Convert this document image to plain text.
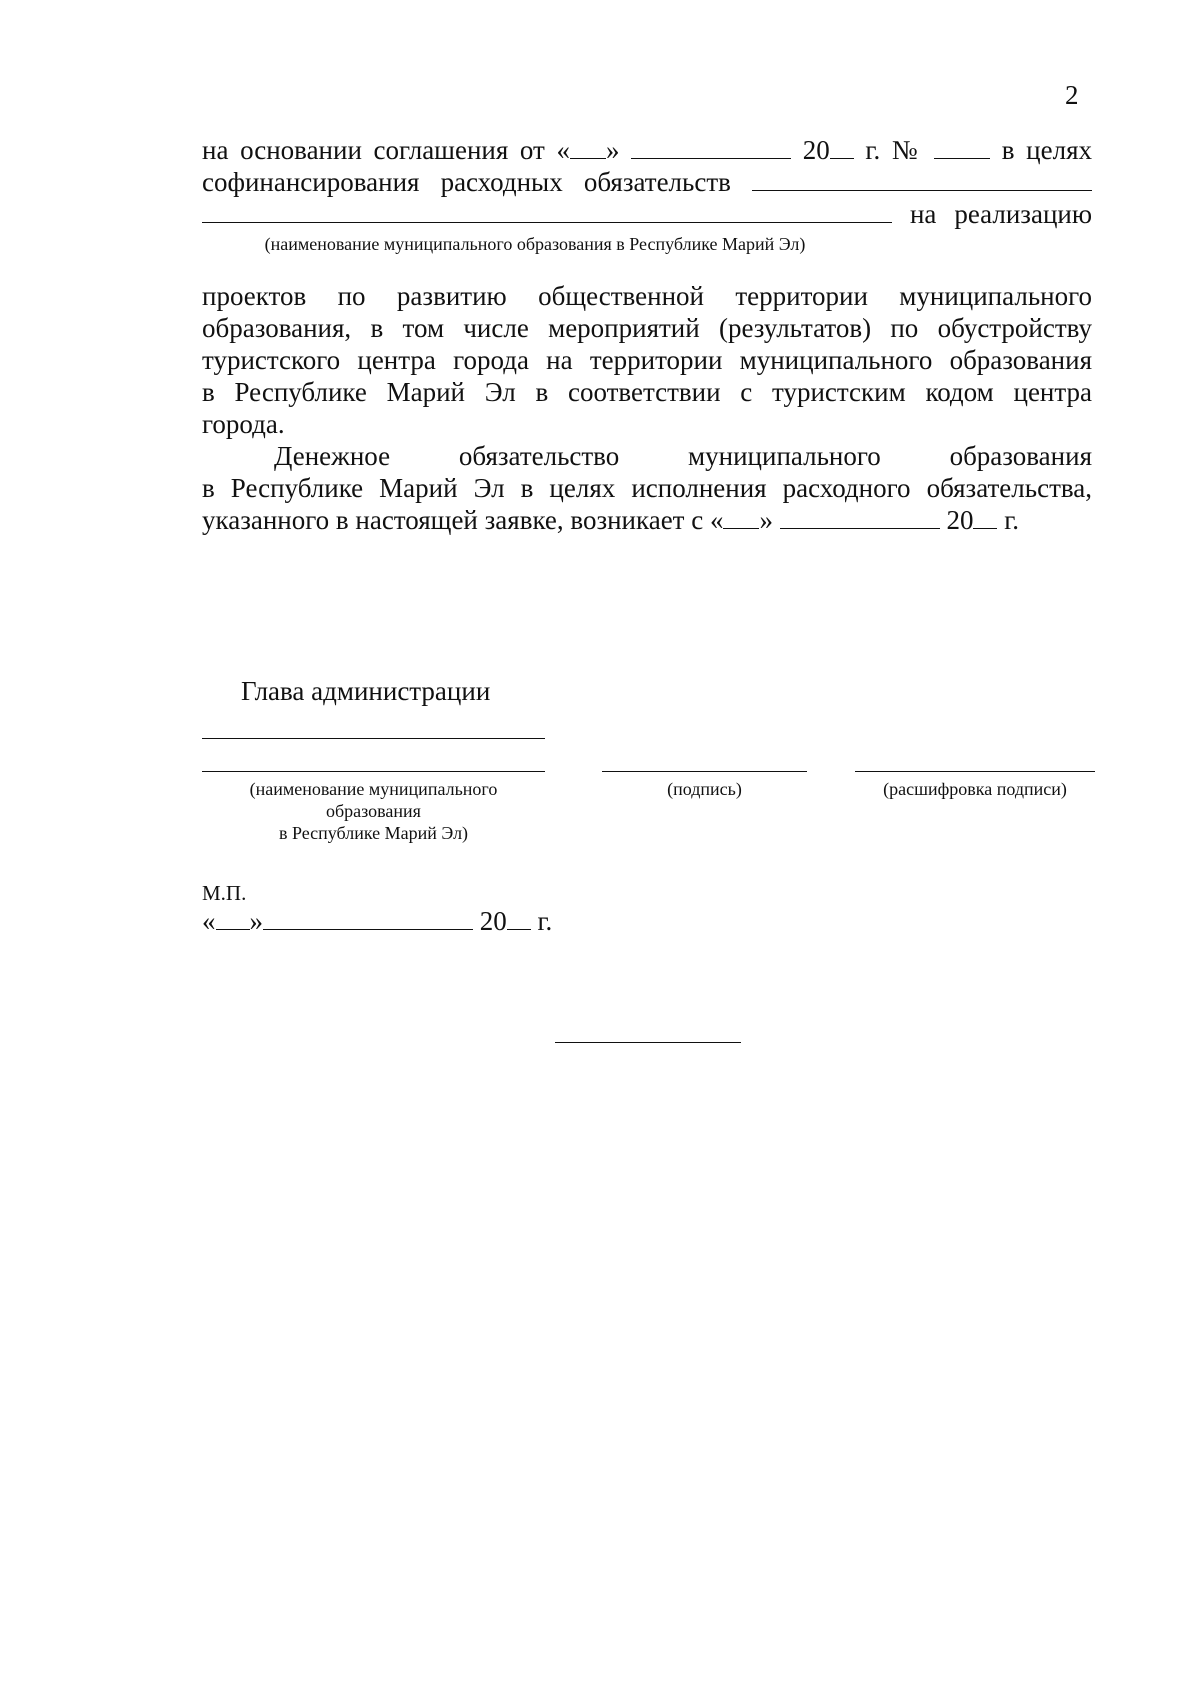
2
на основании соглашения от « »	20 г. №	в целях
софинансирования расходных обязательств
на реализацию
(наименование муниципального образования в Республике Марий Эл)
проектов по развитию общественной территории муниципального
образования, в том числе мероприятий (результатов) по обустройству
туристского центра города на территории муниципального образования
в Республике Марий Эл в соответствии с туристским кодом центра
города.
Денежное обязательство муниципального образования
в Республике Марий Эл в целях исполнения расходного обязательства,
указанного в настоящей заявке, возникает с « »	20 г.
Глава администрации
(наименование муниципального
образования
в Республике Марий Эл)
(подпись)	(расшифровка подписи)
М.П.
« »	20 г.
